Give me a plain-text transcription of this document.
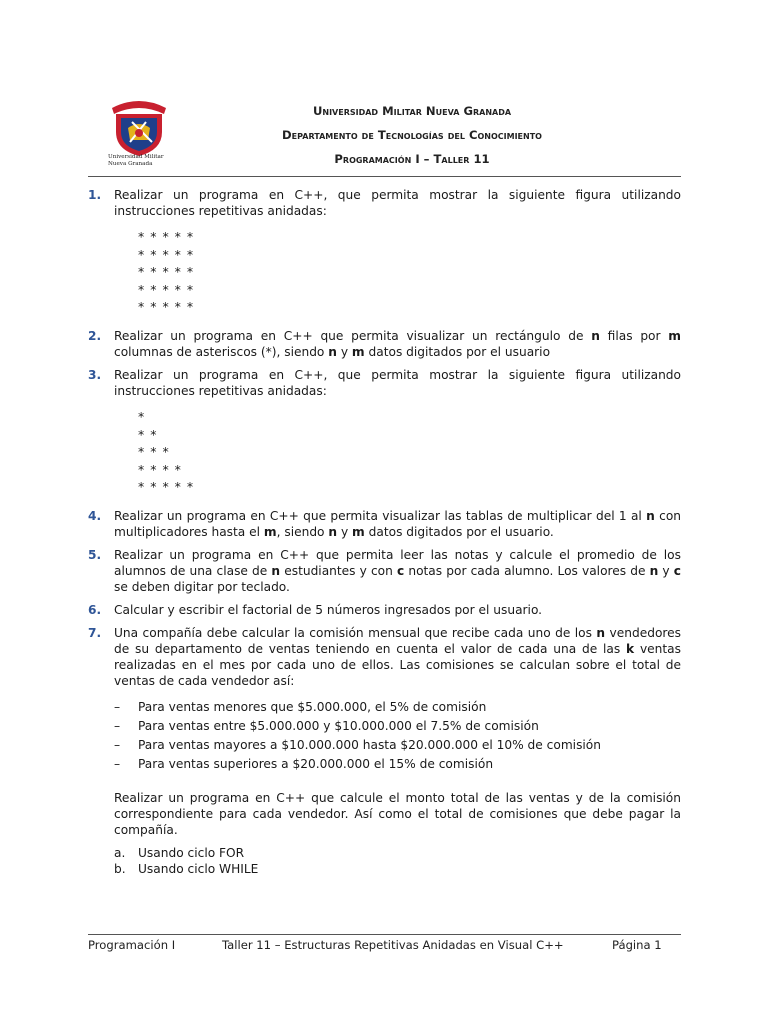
Universidad Militar
Nueva Granada
Universidad Militar Nueva Granada
Departamento de Tecnologías del Conocimiento
Programación I – Taller 11
1. Realizar un programa en C++, que permita mostrar la siguiente figura utilizando instrucciones repetitivas anidadas:
* * * * *
* * * * *
* * * * *
* * * * *
* * * * *
2. Realizar un programa en C++ que permita visualizar un rectángulo de n filas por m columnas de asteriscos (*), siendo n y m datos digitados por el usuario
3. Realizar un programa en C++, que permita mostrar la siguiente figura utilizando instrucciones repetitivas anidadas:
*
* *
* * *
* * * *
* * * * *
4. Realizar un programa en C++ que permita visualizar las tablas de multiplicar del 1 al n con multiplicadores hasta el m, siendo n y m datos digitados por el usuario.
5. Realizar un programa en C++ que permita leer las notas y calcule el promedio de los alumnos de una clase de n estudiantes y con c notas por cada alumno. Los valores de n y c se deben digitar por teclado.
6. Calcular y escribir el factorial de 5 números ingresados por el usuario.
7. Una compañía debe calcular la comisión mensual que recibe cada uno de los n vendedores de su departamento de ventas teniendo en cuenta el valor de cada una de las k ventas realizadas en el mes por cada uno de ellos. Las comisiones se calculan sobre el total de ventas de cada vendedor así:
– Para ventas menores que $5.000.000, el 5% de comisión
– Para ventas entre $5.000.000 y $10.000.000 el 7.5% de comisión
– Para ventas mayores a $10.000.000 hasta $20.000.000 el 10% de comisión
– Para ventas superiores a $20.000.000 el 15% de comisión
Realizar un programa en C++ que calcule el monto total de las ventas y de la comisión correspondiente para cada vendedor. Así como el total de comisiones que debe pagar la compañía.
a. Usando ciclo FOR
b. Usando ciclo WHILE
Programación I	Taller 11 – Estructuras Repetitivas Anidadas en Visual C++	Página 1
